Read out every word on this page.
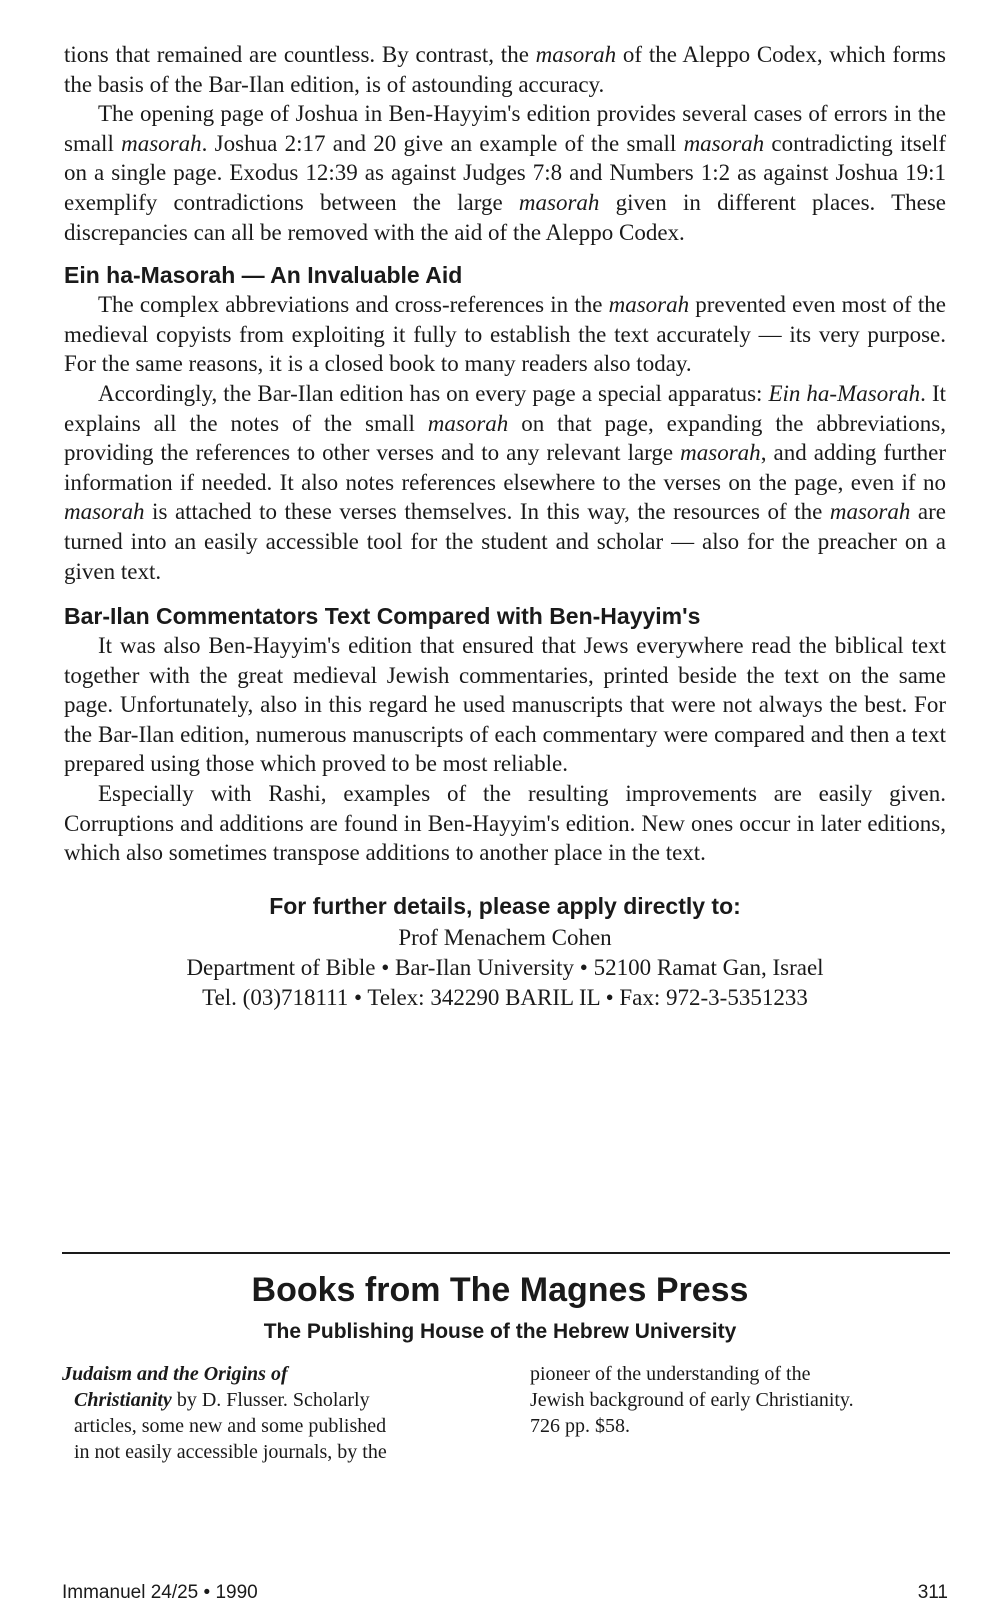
tions that remained are countless. By contrast, the masorah of the Aleppo Codex, which forms the basis of the Bar-Ilan edition, is of astounding accuracy.

The opening page of Joshua in Ben-Hayyim's edition provides several cases of errors in the small masorah. Joshua 2:17 and 20 give an example of the small masorah contradicting itself on a single page. Exodus 12:39 as against Judges 7:8 and Numbers 1:2 as against Joshua 19:1 exemplify contradictions between the large masorah given in different places. These discrepancies can all be removed with the aid of the Aleppo Codex.

Ein ha-Masorah — An Invaluable Aid

The complex abbreviations and cross-references in the masorah prevented even most of the medieval copyists from exploiting it fully to establish the text accurately — its very purpose. For the same reasons, it is a closed book to many readers also today.

Accordingly, the Bar-Ilan edition has on every page a special apparatus: Ein ha-Masorah. It explains all the notes of the small masorah on that page, expanding the abbreviations, providing the references to other verses and to any relevant large masorah, and adding further information if needed. It also notes references elsewhere to the verses on the page, even if no masorah is attached to these verses themselves. In this way, the resources of the masorah are turned into an easily accessible tool for the student and scholar — also for the preacher on a given text.

Bar-Ilan Commentators Text Compared with Ben-Hayyim's

It was also Ben-Hayyim's edition that ensured that Jews everywhere read the biblical text together with the great medieval Jewish commentaries, printed beside the text on the same page. Unfortunately, also in this regard he used manuscripts that were not always the best. For the Bar-Ilan edition, numerous manuscripts of each commentary were compared and then a text prepared using those which proved to be most reliable.

Especially with Rashi, examples of the resulting improvements are easily given. Corruptions and additions are found in Ben-Hayyim's edition. New ones occur in later editions, which also sometimes transpose additions to another place in the text.

For further details, please apply directly to:
Prof Menachem Cohen
Department of Bible • Bar-Ilan University • 52100 Ramat Gan, Israel
Tel. (03)718111 • Telex: 342290 BARIL IL • Fax: 972-3-5351233
Books from The Magnes Press
The Publishing House of the Hebrew University
Judaism and the Origins of
Christianity by D. Flusser. Scholarly
articles, some new and some published
in not easily accessible journals, by the
pioneer of the understanding of the
Jewish background of early Christianity.
726 pp. $58.
Immanuel 24/25 • 1990	311
